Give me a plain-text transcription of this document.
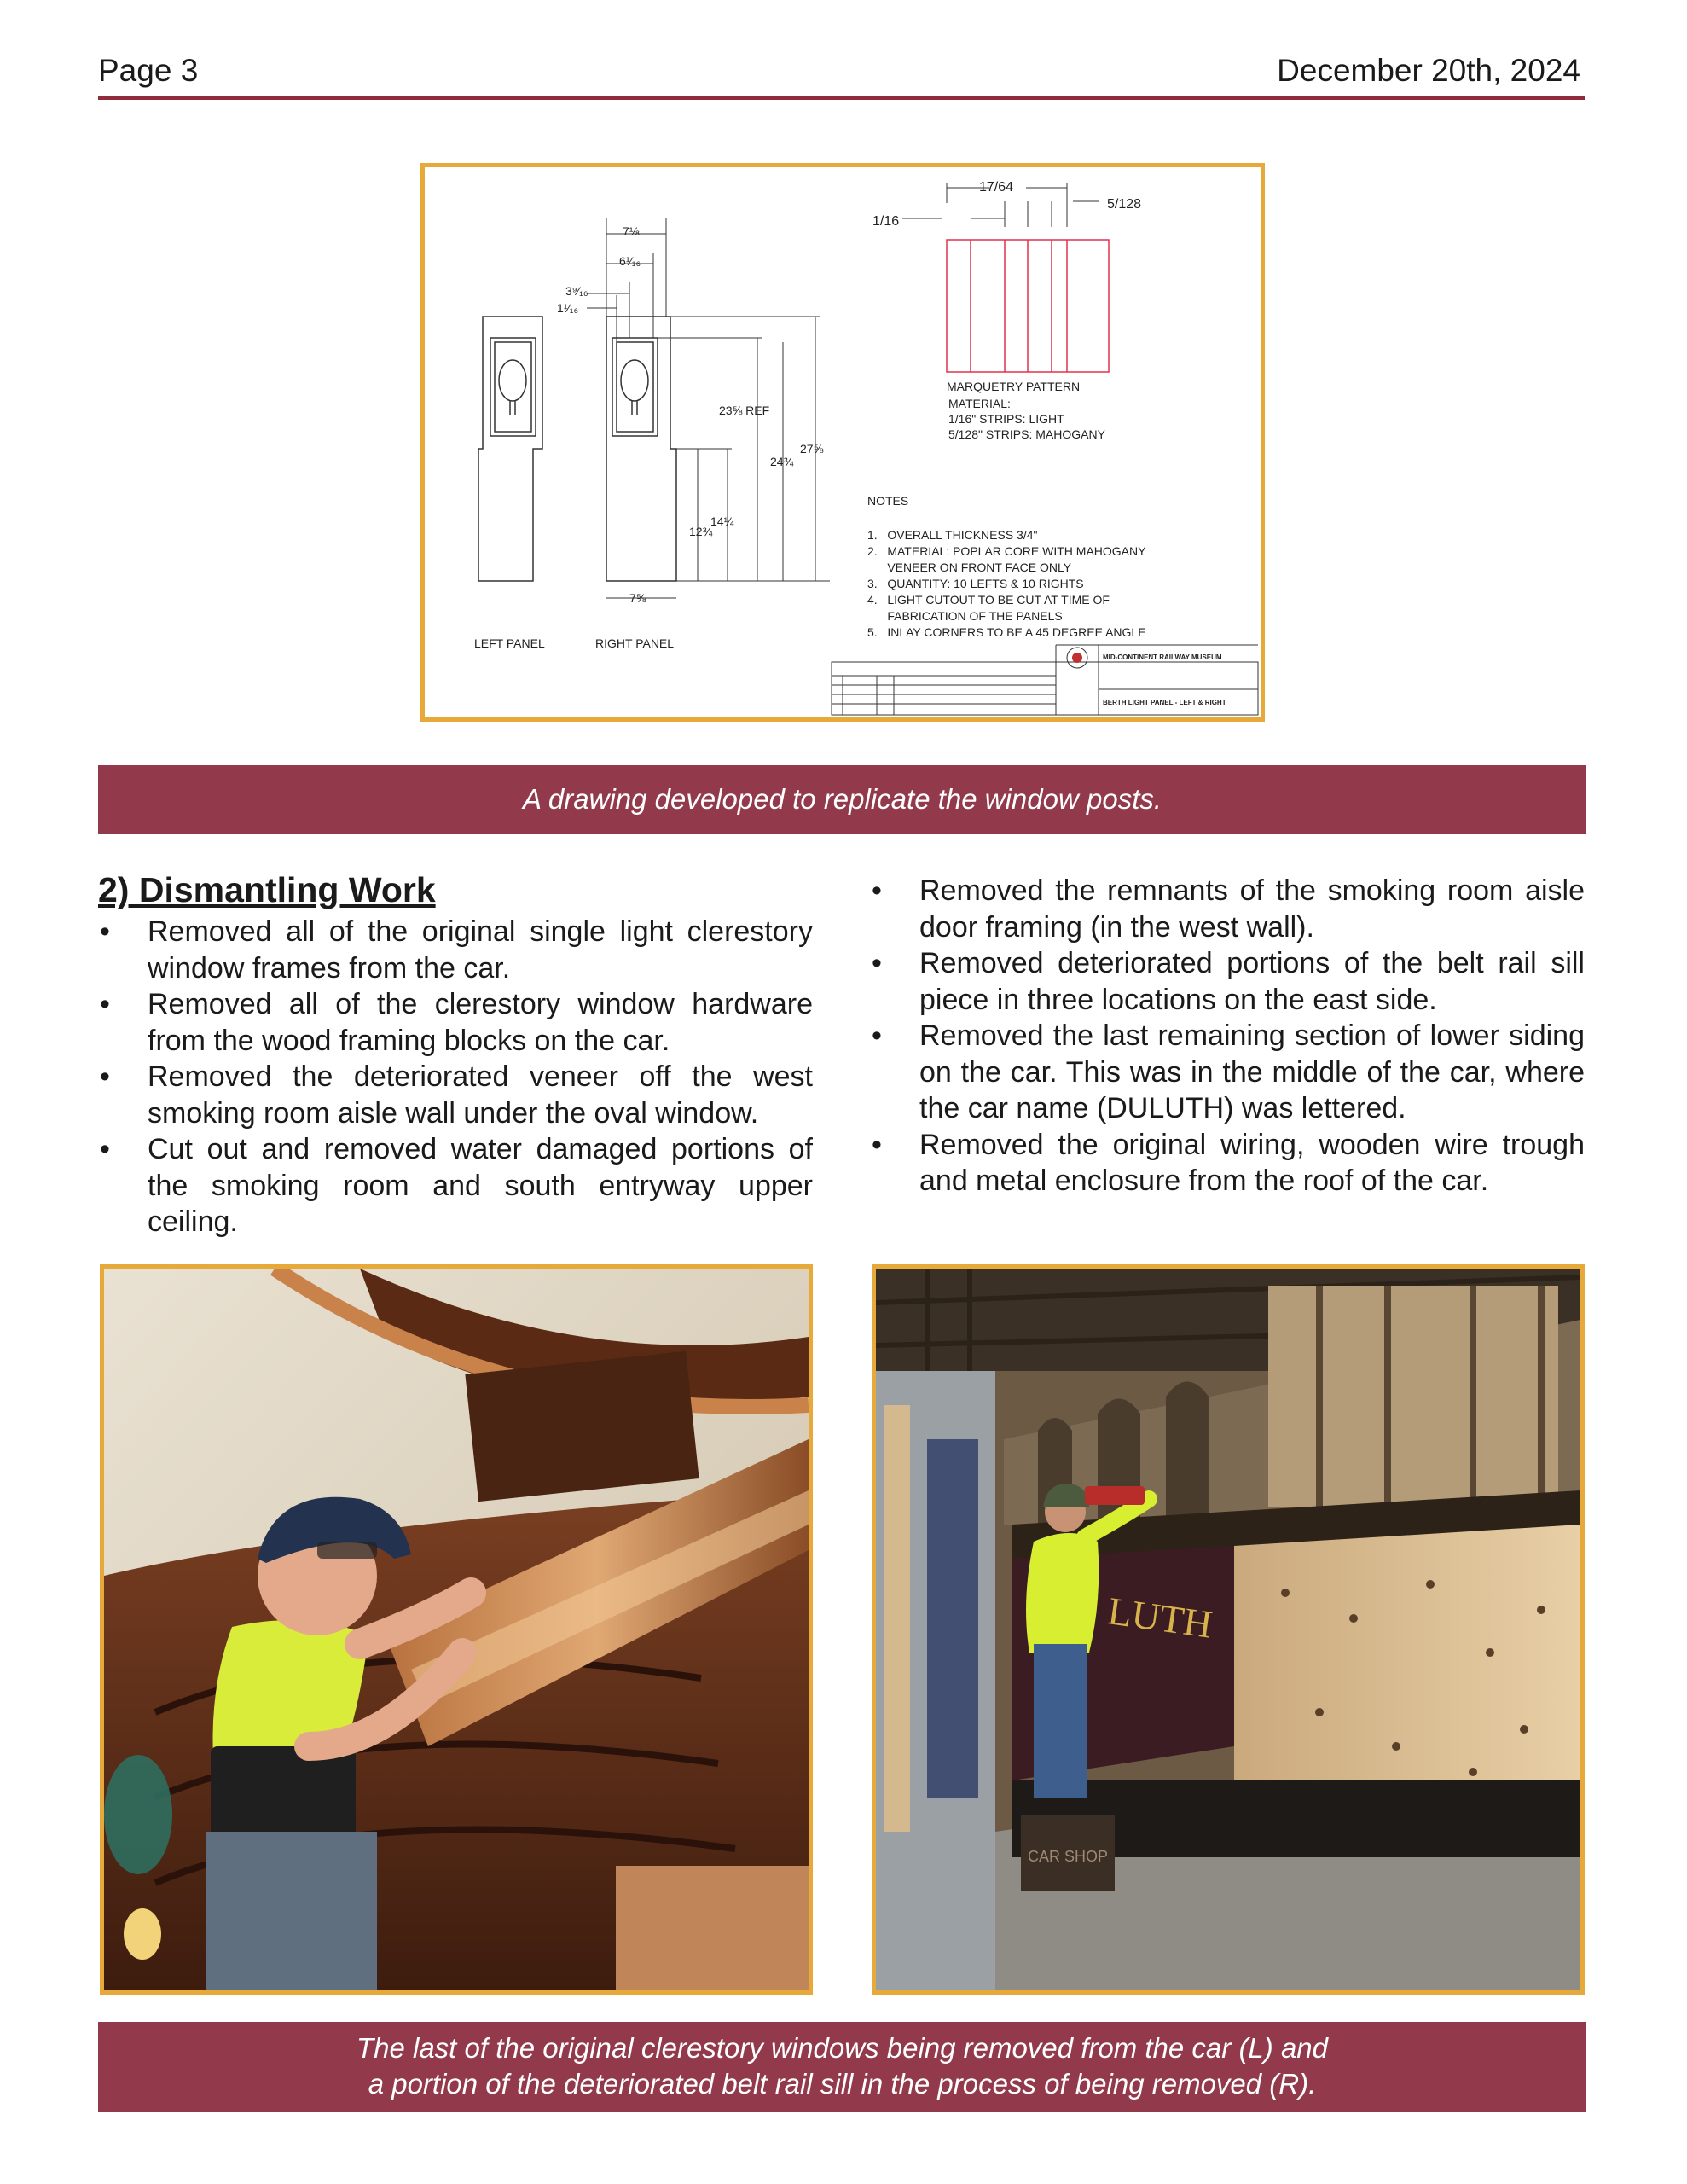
Page 3	December 20th, 2024
17/64
1/16
5/128
7⅛
6¹⁄₁₆
3⁹⁄₁₆
1¹⁄₁₆
23⅝ REF
27⅝
24¾
14¼
12¾
7⅝
MARQUETRY PATTERN
MATERIAL:
1/16" STRIPS: LIGHT
5/128" STRIPS: MAHOGANY
NOTES
1.   OVERALL THICKNESS 3/4"
2.   MATERIAL: POPLAR CORE WITH MAHOGANY
VENEER ON FRONT FACE ONLY
3.   QUANTITY: 10 LEFTS & 10 RIGHTS
4.   LIGHT CUTOUT TO BE CUT AT TIME OF
FABRICATION OF THE PANELS
5.   INLAY CORNERS TO BE A 45 DEGREE ANGLE
LEFT PANEL	RIGHT PANEL
MID-CONTINENT RAILWAY MUSEUM
BERTH LIGHT PANEL - LEFT & RIGHT
A drawing developed to replicate the window posts.
2) Dismantling Work
• Removed all of the original single light clerestory window frames from the car.
• Removed all of the clerestory window hardware from the wood framing blocks on the car.
• Removed the deteriorated veneer off the west smoking room aisle wall under the oval window.
• Cut out and removed water damaged portions of the smoking room and south entryway upper ceiling.
• Removed the remnants of the smoking room aisle door framing (in the west wall).
• Removed deteriorated portions of the belt rail sill piece in three locations on the east side.
• Removed the last remaining section of lower siding on the car. This was in the middle of the car, where the car name (DULUTH) was lettered.
• Removed the original wiring, wooden wire trough and metal enclosure from the roof of the car.
LUTH
CAR SHOP
The last of the original clerestory windows being removed from the car (L) and
a portion of the deteriorated belt rail sill in the process of being removed (R).
